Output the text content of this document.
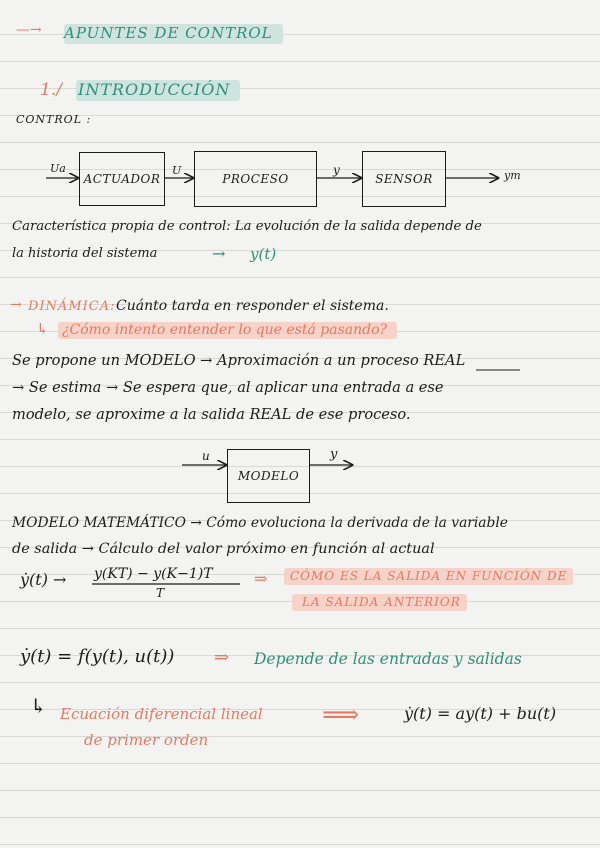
—→ APUNTES DE CONTROL
1./ INTRODUCCIÓN
CONTROL :
Ua
ACTUADOR
U
PROCESO
y
SENSOR	ym
Característica propia de control: La evolución de la salida depende de
la historia del sistema	→ y(t)
→ DINÁMICA: Cuánto tarda en responder el sistema.
↳ ¿Cómo intento entender lo que está pasando?
Se propone un MODELO → Aproximación a un proceso REAL
→ Se estima → Se espera que, al aplicar una entrada a ese
modelo, se aproxime a la salida REAL de ese proceso.
u
MODELO
y
MODELO MATEMÁTICO → Cómo evoluciona la derivada de la variable
de salida → Cálculo del valor próximo en función al actual
ẏ(t) → y(KT) − y(K−1)T
T
⇒	CÓMO ES LA SALIDA EN FUNCIÓN DE
LA SALIDA ANTERIOR
ẏ(t) = f(y(t), u(t)) ⇒ Depende de las entradas y salidas
↳ Ecuación diferencial lineal
de primer orden
⟹	ẏ(t) = ay(t) + bu(t)
